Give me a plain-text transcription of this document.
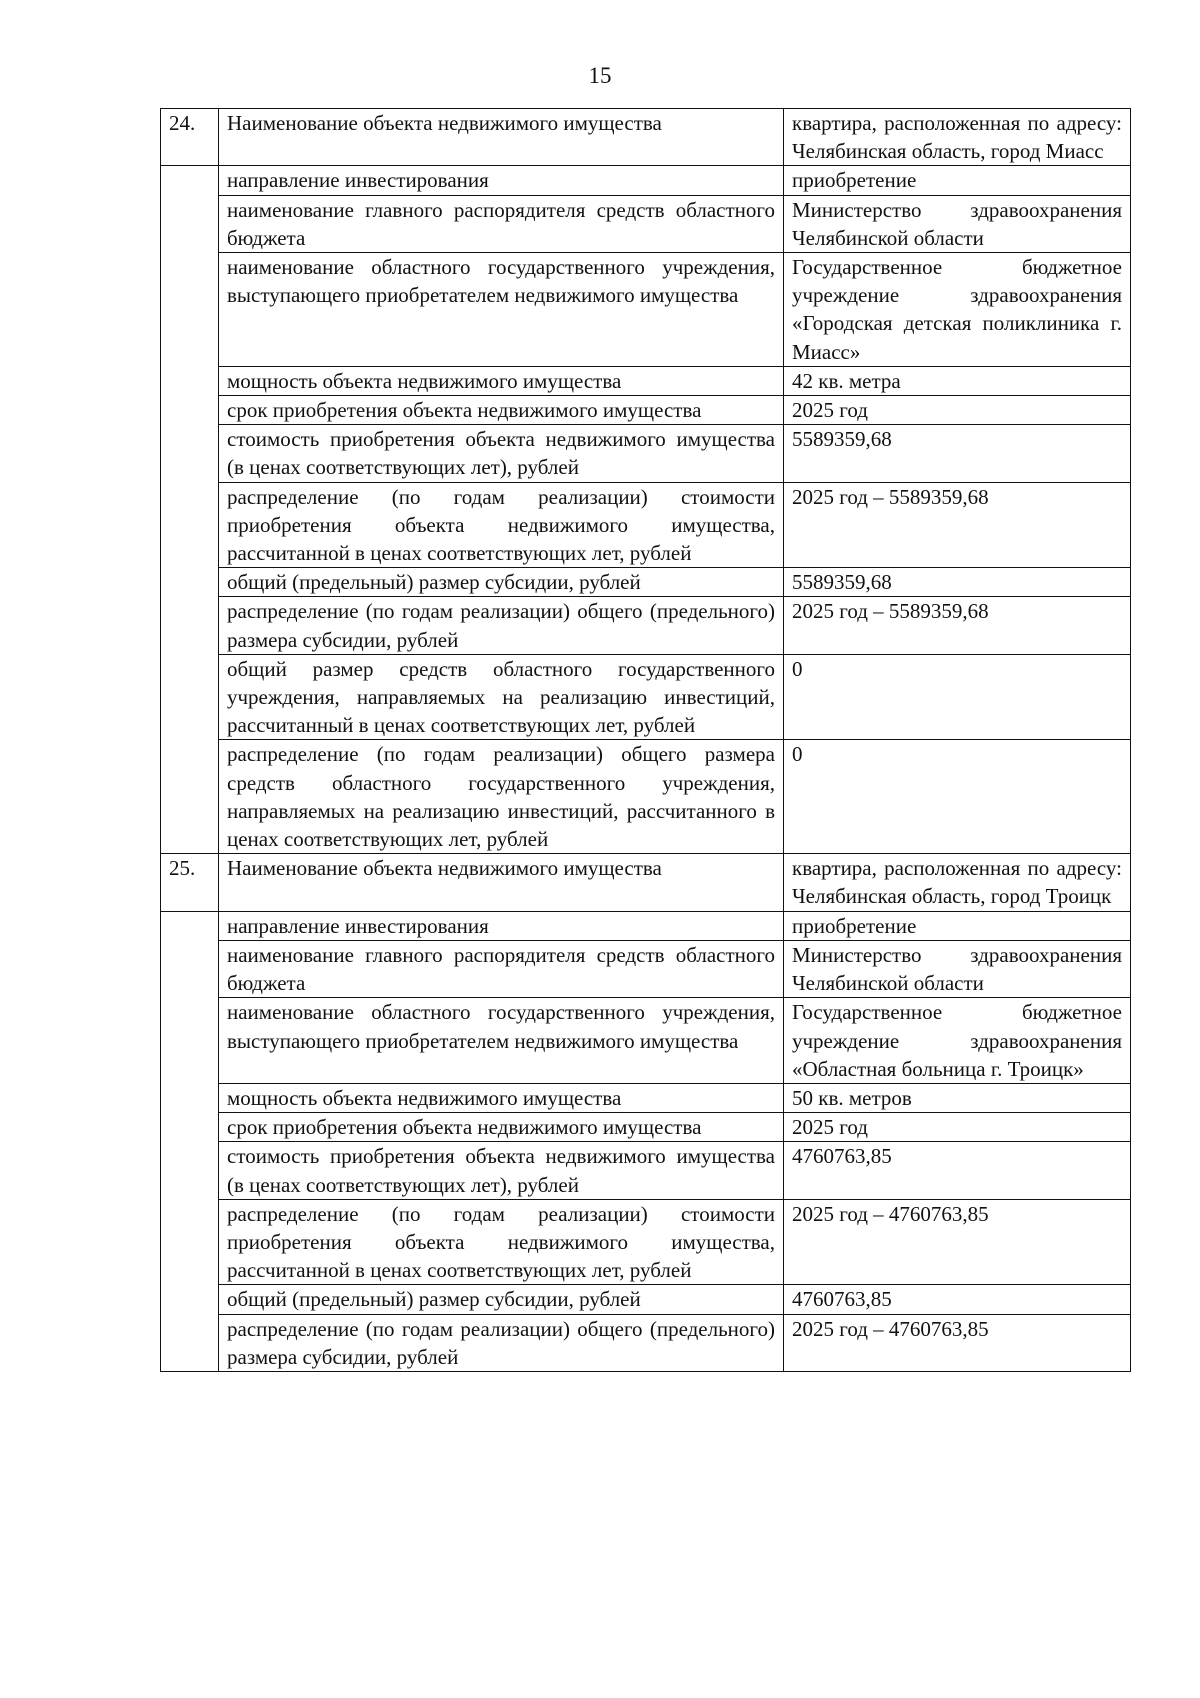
15
24.	Наименование объекта недвижимого имущества	квартира, расположенная по адресу: Челябинская область, город Миасс
	направление инвестирования	приобретение
	наименование главного распорядителя средств областного бюджета	Министерство здравоохранения Челябинской области
	наименование областного государственного учреждения, выступающего приобретателем недвижимого имущества	Государственное бюджетное учреждение здравоохранения «Городская детская поликлиника г. Миасс»
	мощность объекта недвижимого имущества	42 кв. метра
	срок приобретения объекта недвижимого имущества	2025 год
	стоимость приобретения объекта недвижимого имущества (в ценах соответствующих лет), рублей	5589359,68
	распределение (по годам реализации) стоимости приобретения объекта недвижимого имущества, рассчитанной в ценах соответствующих лет, рублей	2025 год – 5589359,68
	общий (предельный) размер субсидии, рублей	5589359,68
	распределение (по годам реализации) общего (предельного) размера субсидии, рублей	2025 год – 5589359,68
	общий размер средств областного государственного учреждения, направляемых на реализацию инвестиций, рассчитанный в ценах соответствующих лет, рублей	0
	распределение (по годам реализации) общего размера средств областного государственного учреждения, направляемых на реализацию инвестиций, рассчитанного в ценах соответствующих лет, рублей	0
25.	Наименование объекта недвижимого имущества	квартира, расположенная по адресу: Челябинская область, город Троицк
	направление инвестирования	приобретение
	наименование главного распорядителя средств областного бюджета	Министерство здравоохранения Челябинской области
	наименование областного государственного учреждения, выступающего приобретателем недвижимого имущества	Государственное бюджетное учреждение здравоохранения «Областная больница г. Троицк»
	мощность объекта недвижимого имущества	50 кв. метров
	срок приобретения объекта недвижимого имущества	2025 год
	стоимость приобретения объекта недвижимого имущества (в ценах соответствующих лет), рублей	4760763,85
	распределение (по годам реализации) стоимости приобретения объекта недвижимого имущества, рассчитанной в ценах соответствующих лет, рублей	2025 год – 4760763,85
	общий (предельный) размер субсидии, рублей	4760763,85
	распределение (по годам реализации) общего (предельного) размера субсидии, рублей	2025 год – 4760763,85
